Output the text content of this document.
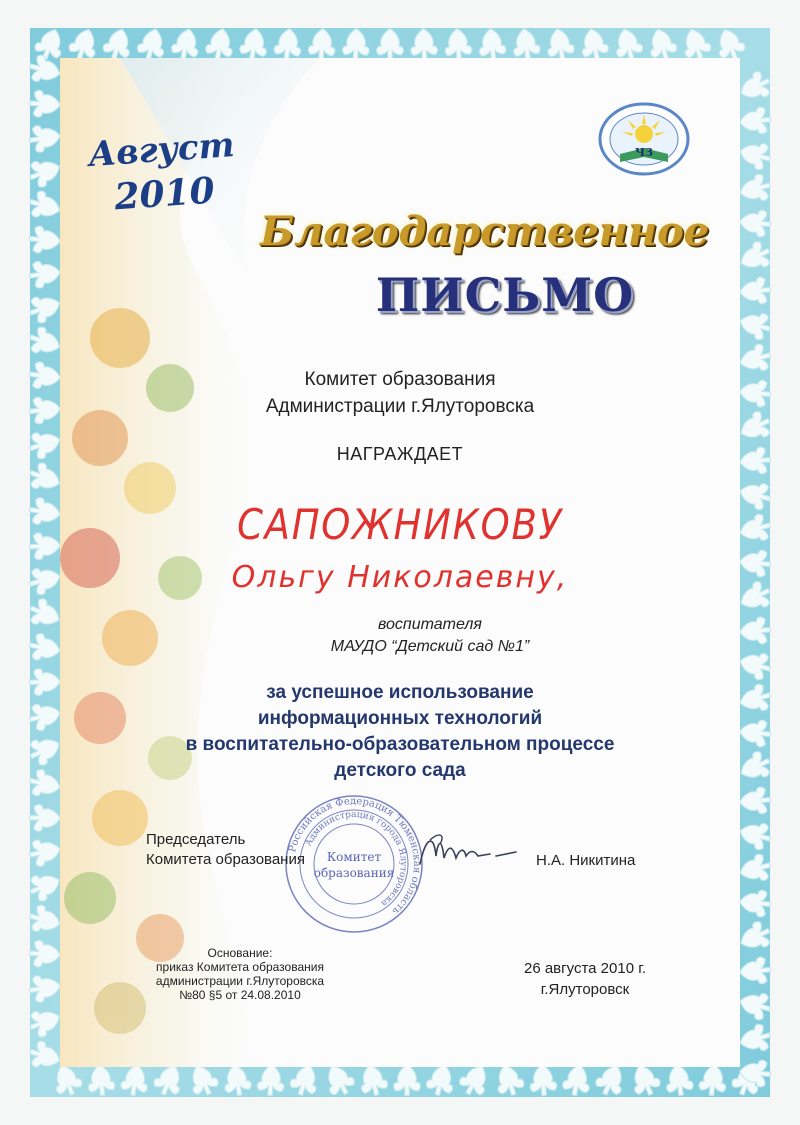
Август
2010
ЧЗ
Благодарственное
ПИСЬМО
Комитет образования
Администрации г.Ялуторовска
НАГРАЖДАЕТ
САПОЖНИКОВУ
Ольгу Николаевну,
воспитателя
МАУДО “Детский сад №1”
за успешное использование
информационных технологий
в воспитательно-образовательном процессе
детского сада
Российская Федерация Тюменская область
Администрация города Ялуторовска
Комитет
образования
Председатель
Комитета образования	Н.А. Никитина
Основание:
приказ Комитета образования
администрации г.Ялуторовска
№80 §5 от 24.08.2010
26 августа 2010 г.
г.Ялуторовск
